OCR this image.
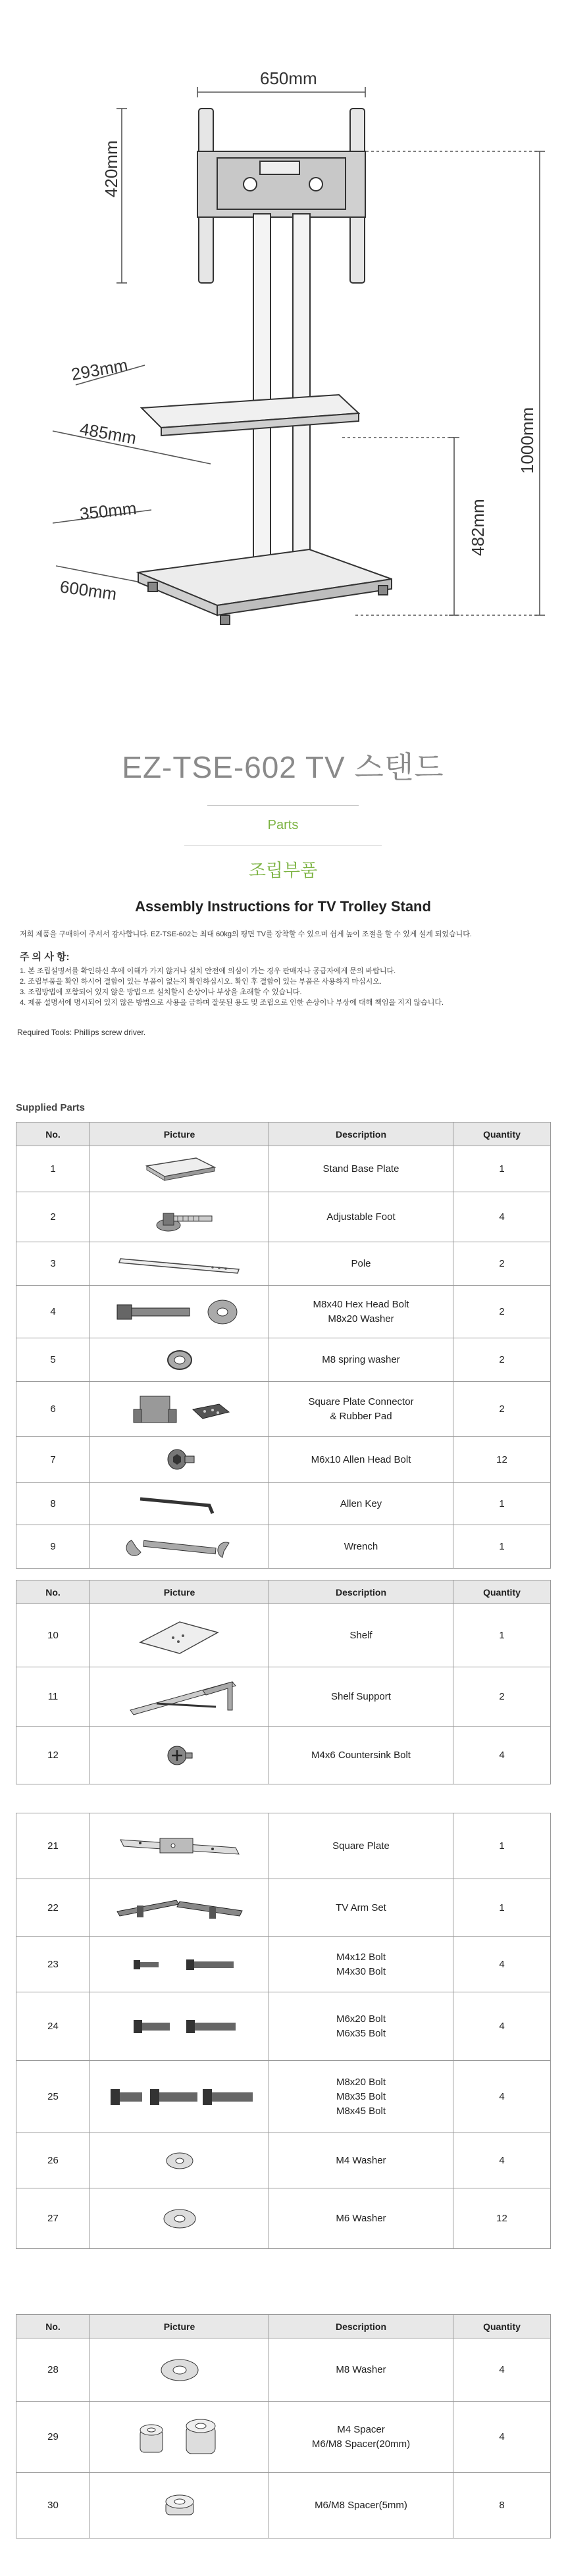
650mm
420mm
293mm
485mm
350mm
600mm
482mm
1000mm
EZ-TSE-602 TV 스탠드
Parts
조립부품
Assembly Instructions for TV Trolley Stand
저희 제품을 구매하여 주셔서 감사합니다. EZ-TSE-602는 최대 60kg의 평면 TV를 장착할 수 있으며 쉽게 높이 조절을 할 수 있게 설계 되었습니다.
주 의 사 항:
1. 본 조립설명서를 확인하신 후에 이해가 가지 않거나 설치 안전에 의심이 가는 경우 판매자나 공급자에게 문의 바랍니다.
2. 조립부품을 확인 하시어 결함이 있는 부품이 없는지 확인하십시오. 확인 후 결함이 있는 부품은 사용하지 마십시오.
3. 조립방법에 포함되어 있지 않은 방법으로 설치할시 손상이나 부상을 초래할 수 있습니다.
4. 제품 설명서에 명시되어 있지 않은 방법으로 사용을 금하며 잘못된 용도 및 조립으로 인한 손상이나 부상에 대해 책임을 지지 않습니다.
Required Tools: Phillips screw driver.
Supplied Parts
No.	Picture	Description	Quantity
1		Stand Base Plate	1
2		Adjustable Foot	4
3		Pole	2
4		M8x40 Hex Head Bolt
M8x20 Washer	2
5		M8 spring washer	2
6		Square Plate Connector
& Rubber Pad	2
7		M6x10 Allen Head Bolt	12
8		Allen Key	1
9		Wrench	1
No.	Picture	Description	Quantity
10		Shelf	1
11		Shelf Support	2
12		M4x6 Countersink Bolt	4
21		Square Plate	1
22		TV Arm Set	1
23		M4x12 Bolt
M4x30 Bolt	4
24		M6x20 Bolt
M6x35 Bolt	4
25		M8x20 Bolt
M8x35 Bolt
M8x45 Bolt	4
26		M4 Washer	4
27		M6 Washer	12
No.	Picture	Description	Quantity
28		M8 Washer	4
29		M4 Spacer
M6/M8 Spacer(20mm)	4
30		M6/M8 Spacer(5mm)	8
